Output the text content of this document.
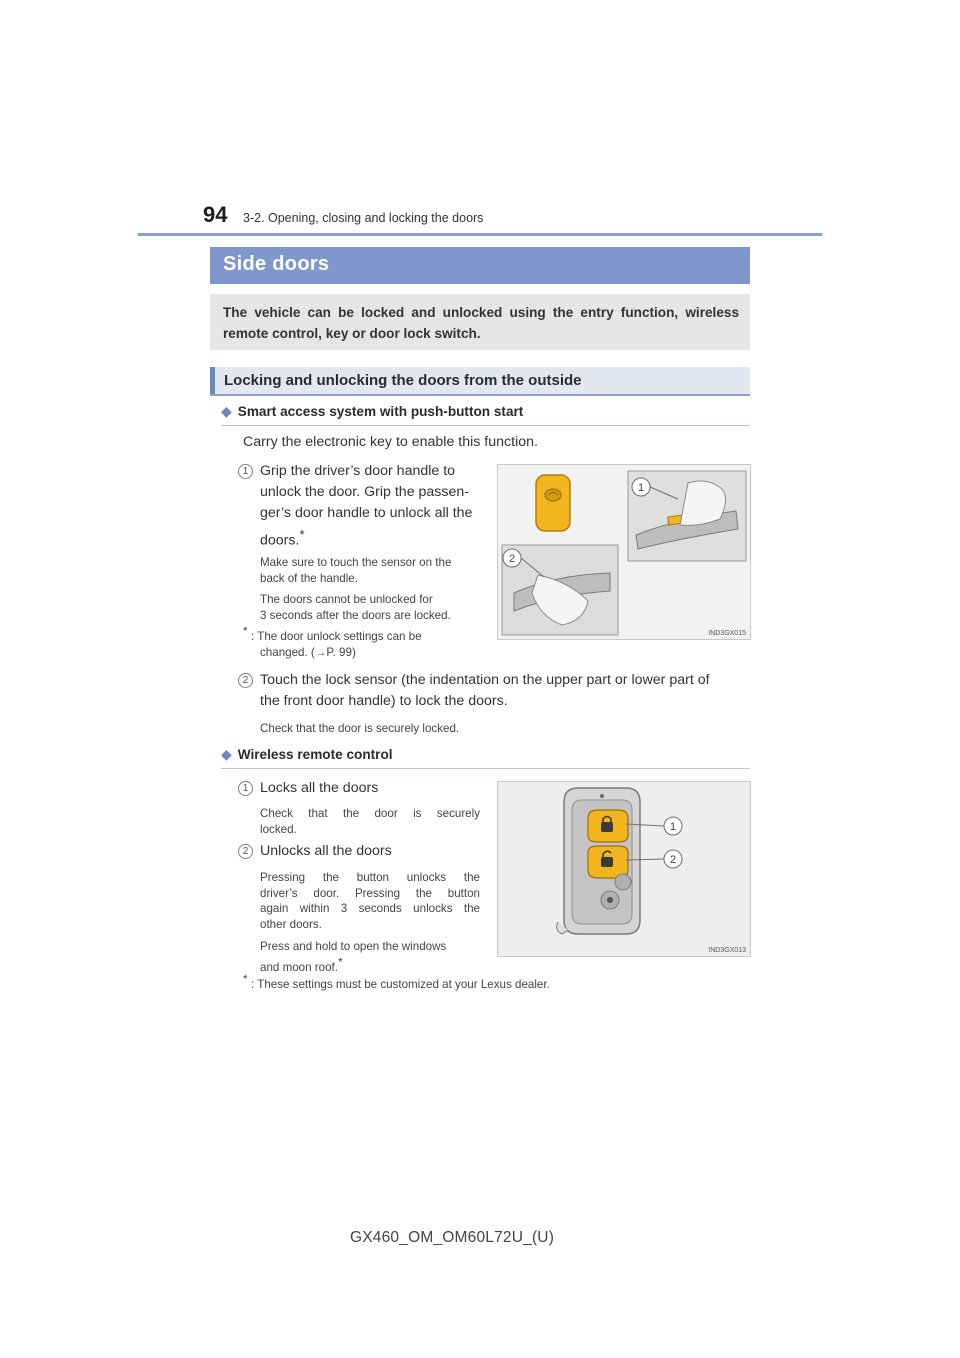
94 3-2. Opening, closing and locking the doors
Side doors

The vehicle can be locked and unlocked using the entry function, wireless remote control, key or door lock switch.

Locking and unlocking the doors from the outside
◆ Smart access system with push-button start
Carry the electronic key to enable this function.
1 Grip the driver’s door handle to
unlock the door. Grip the passen-
ger’s door handle to unlock all the
doors.*
Make sure to touch the sensor on the
back of the handle.
The doors cannot be unlocked for
3 seconds after the doors are locked.
* : The door unlock settings can be
changed. (→P. 99)
1
2
IND3GX015
2 Touch the lock sensor (the indentation on the upper part or lower part of
the front door handle) to lock the doors.
Check that the door is securely locked.
◆ Wireless remote control
1 Locks all the doors
Check that the door is securely
locked.
2 Unlocks all the doors
Pressing the button unlocks the
driver’s door. Pressing the button
again within 3 seconds unlocks the
other doors.
Press and hold to open the windows
and moon roof.*
* : These settings must be customized at your Lexus dealer.
1
2
IND3GX013
GX460_OM_OM60L72U_(U)
